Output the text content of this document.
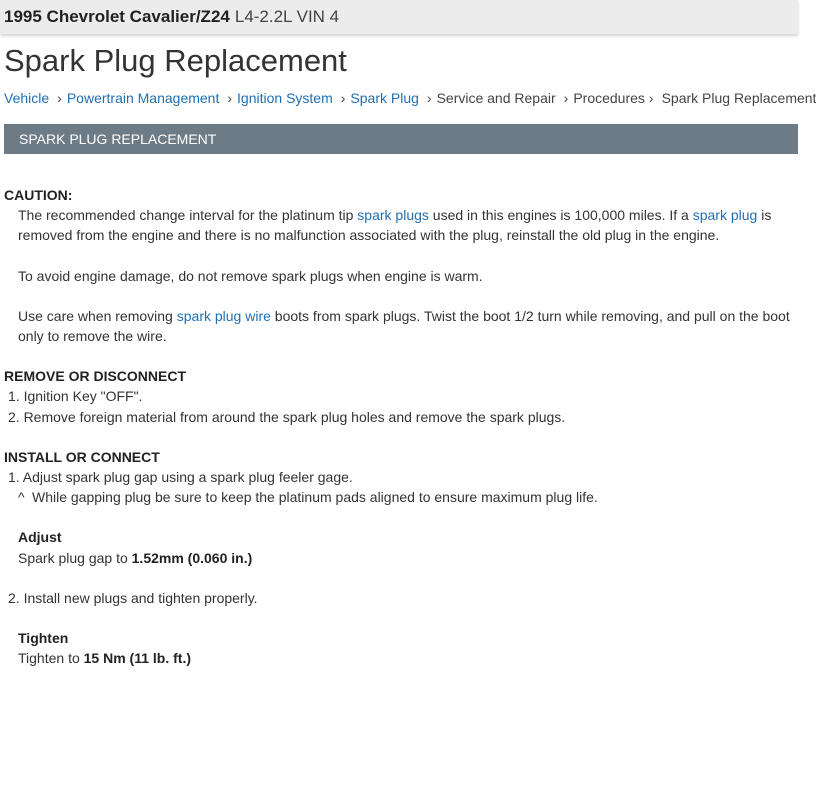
1995 Chevrolet Cavalier/Z24 L4-2.2L VIN 4
Spark Plug Replacement
Vehicle › Powertrain Management › Ignition System › Spark Plug › Service and Repair › Procedures › Spark Plug Replacement
SPARK PLUG REPLACEMENT

CAUTION:

The recommended change interval for the platinum tip spark plugs used in this engines is 100,000 miles. If a spark plug is removed from the engine and there is no malfunction associated with the plug, reinstall the old plug in the engine.

To avoid engine damage, do not remove spark plugs when engine is warm.

Use care when removing spark plug wire boots from spark plugs. Twist the boot 1/2 turn while removing, and pull on the boot only to remove the wire.

REMOVE OR DISCONNECT

1. Ignition Key "OFF".

2. Remove foreign material from around the spark plug holes and remove the spark plugs.

INSTALL OR CONNECT

1. Adjust spark plug gap using a spark plug feeler gage.

^ While gapping plug be sure to keep the platinum pads aligned to ensure maximum plug life.

Adjust

Spark plug gap to 1.52mm (0.060 in.)

2. Install new plugs and tighten properly.

Tighten

Tighten to 15 Nm (11 lb. ft.)
